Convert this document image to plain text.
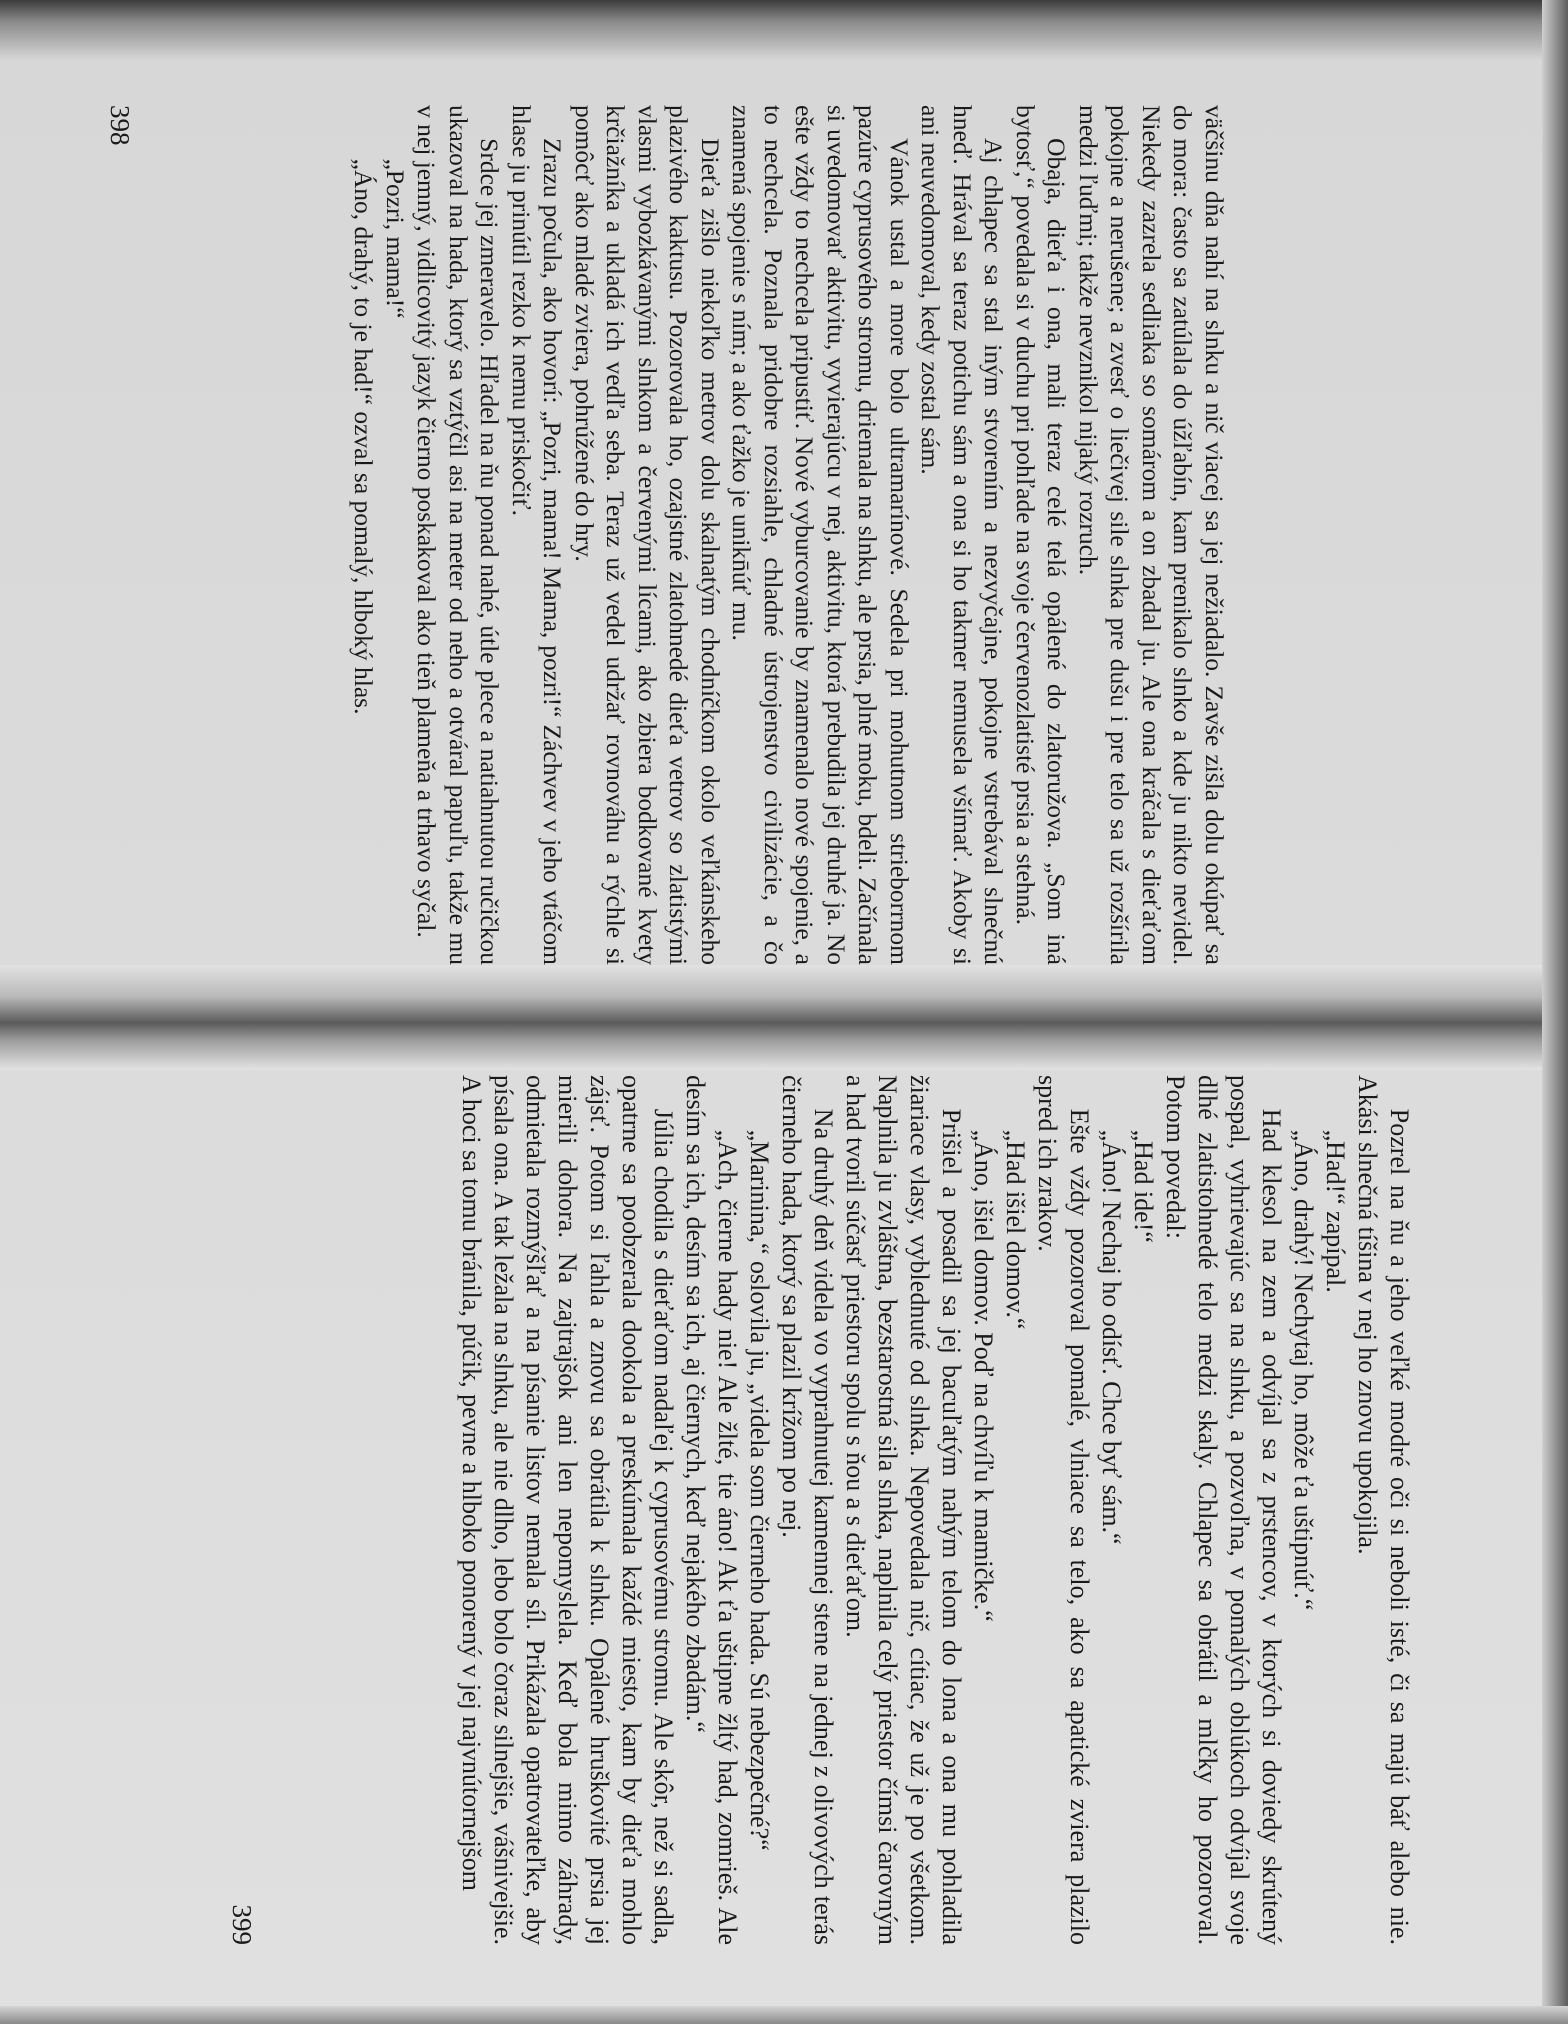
väčšinu dňa nahí na slnku a nič viacej sa jej nežiadalo. Zavše zišla dolu okúpať sa do mora: často sa zatúlala do úžľabín, kam prenikalo slnko a kde ju nikto nevidel. Niekedy zazrela sedliaka so somárom a on zbadal ju. Ale ona kráčala s dieťaťom pokojne a nerušene; a zvesť o liečivej sile slnka pre dušu i pre telo sa už rozšírila medzi ľuďmi; takže nevznikol nijaký rozruch.

Obaja, dieťa i ona, mali teraz celé telá opálené do zlatoružova. „Som iná bytosť,“ povedala si v duchu pri pohľade na svoje červenozlatisté prsia a stehná.

Aj chlapec sa stal iným stvorením a nezvyčajne, pokojne vstrebával slnečnú hneď. Hrával sa teraz potichu sám a ona si ho takmer nemusela všímať. Akoby si ani neuvedomoval, kedy zostal sám.

Vánok ustal a more bolo ultramarínové. Sedela pri mohutnom strieborrnom pazúre cyprusového stromu, driemala na slnku, ale prsia, plné moku, bdeli. Začínala si uvedomovať aktivitu, vyvierajúcu v nej, aktivitu, ktorá prebudila jej druhé ja. No ešte vždy to nechcela pripustiť. Nové vyburcovanie by znamenalo nové spojenie, a to nechcela. Poznala pridobre rozsiahle, chladné ústrojenstvo civilizácie, a čo znamená spojenie s ním; a ako ťažko je unikn̄úť mu.

Dieťa zišlo niekoľko metrov dolu skalnatým chodníčkom okolo veľkánskeho plazivého kaktusu. Pozorovala ho, ozajstné zlatohnedé dieťa vetrov so zlatistými vlasmi vybozkávanými slnkom a červenými lícami, ako zbiera bodkované kvety krčiažníka a ukladá ich vedľa seba. Teraz už vedel udržať rovnováhu a rýchle si pomôcť ako mladé zviera, pohrúžené do hry.

Zrazu počula, ako hovorí: „Pozri, mama! Mama, pozri!“ Záchvev v jeho vtáčom hlase ju prinútil rezko k nemu priskočiť.

Srdce jej zmeravelo. Hľadel na ňu ponad nahé, útle plece a natiahnutou ručičkou ukazoval na hada, ktorý sa vztýčil asi na meter od neho a otváral papuľu, takže mu v nej jemný, vidlicovitý jazyk čierno poskakoval ako tieň plameňa a trhavo syčal.

„Pozri, mama!“

„Áno, drahý, to je had!“ ozval sa pomalý, hlboký hlas.

398

Pozrel na ňu a jeho veľké modré oči si neboli isté, či sa majú báť alebo nie. Akási slnečná tíšina v nej ho znovu upokojila.

„Had!“ zapípal.

„Áno, drahý! Nechytaj ho, môže ťa uštipnúť.“

Had klesol na zem a odvíjal sa z prstencov, v ktorých si doviedy skrútený pospal, vyhrievajúc sa na slnku, a pozvoľna, v pomalých oblúkoch odvíjal svoje dlhé zlatistohnedé telo medzi skaly. Chlapec sa obrátil a mlčky ho pozoroval. Potom povedal:

„Had ide!“

„Áno! Nechaj ho odísť. Chce byť sám.“

Ešte vždy pozoroval pomalé, vlniace sa telo, ako sa apatické zviera plazilo spred ich zrakov.

„Had išiel domov.“

„Áno, išiel domov. Poď na chvíľu k mamičke.“

Prišiel a posadil sa jej bacuľatým nahým telom do lona a ona mu pohladila žiariace vlasy, vyblednuté od slnka. Nepovedala nič, cítiac, že už je po všetkom. Naplnila ju zvláštna, bezstarostná sila slnka, naplnila celý priestor čímsi čarovným a had tvoril súčasť priestoru spolu s ňou a s dieťaťom.

Na druhý deň videla vo vyprahnutej kamennej stene na jednej z olivových terás čierneho hada, ktorý sa plazil krížom po nej.

„Marinina,“ oslovila ju, „videla som čierneho hada. Sú nebezpečné?“

„Ach, čierne hady nie! Ale žlté, tie áno! Ak ťa uštipne žltý had, zomrieš. Ale desím sa ich, desím sa ich, aj čiernych, keď nejakého zbadám.“

Júlia chodila s dieťaťom nadaľej k cyprusovému stromu. Ale skôr, než si sadla, opatrne sa poobzerala dookola a preskúmala každé miesto, kam by dieťa mohlo zájsť. Potom si ľahla a znovu sa obrátila k slnku. Opálené hruškovité prsia jej mierili dohora. Na zajtrajšok ani len nepomyslela. Keď bola mimo záhrady, odmietala rozmýšľať a na písanie listov nemala síl. Prikázala opatrovateľke, aby písala ona. A tak ležala na slnku, ale nie dlho, lebo bolo čoraz silnejšie, vášnivejšie. A hoci sa tomu bránila, púčik, pevne a hlboko ponorený v jej najvnútornejšom

399
